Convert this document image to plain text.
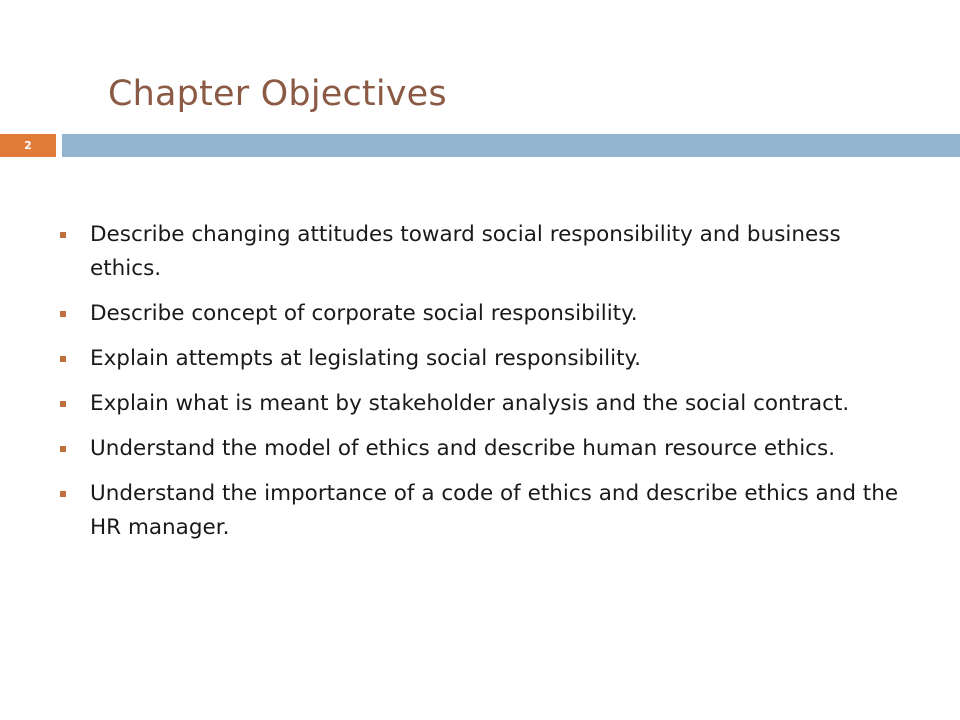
Chapter Objectives
2
Describe changing attitudes toward social responsibility and business ethics.
Describe concept of corporate social responsibility.
Explain attempts at legislating social responsibility.
Explain what is meant by stakeholder analysis and the social contract.
Understand the model of ethics and describe human resource ethics.
Understand the importance of a code of ethics and describe ethics and the HR manager.
